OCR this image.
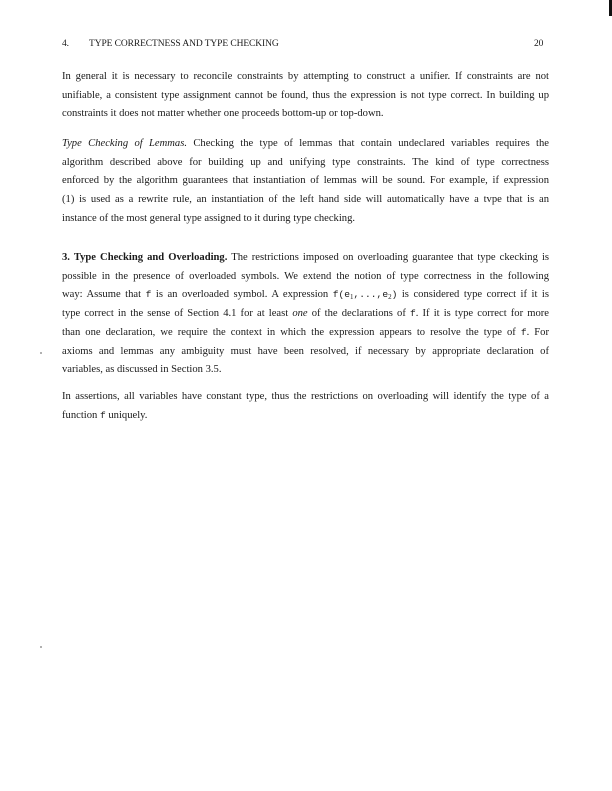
4. TYPE CORRECTNESS AND TYPE CHECKING	20
In general it is necessary to reconcile constraints by attempting to construct a unifier. If constraints are not
unifiable, a consistent type assignment cannot be found, thus the expression is not type correct. In building up
constraints it does not matter whether one proceeds bottom-up or top-down.
Type Checking of Lemmas. Checking the type of lemmas that contain undeclared variables requires the
algorithm described above for building up and unifying type constraints. The kind of type correctness
enforced by the algorithm guarantees that instantiation of lemmas will be sound. For example, if expression
(1) is used as a rewrite rule, an instantiation of the left hand side will automatically have a tvpe that is an
instance of the most general type assigned to it during type checking.
3. Type Checking and Overloading. The restrictions imposed on overloading guarantee that type ckecking is
possible in the presence of overloaded symbols. We extend the notion of type correctness in the following
way: Assume that f is an overloaded symbol. A expression $f(e_1,...,e_2)$ is considered type correct if it is
type correct in the sense of Section 4.1 for at least one of the declarations of f. If it is type correct for more
than one declaration, we require the context in which the expression appears to resolve the type of f. For
axioms and lemmas any ambiguity must have been resolved, if necessary by appropriate declaration of
variables, as discussed in Section 3.5.
In assertions, all variables have constant type, thus the restrictions on overloading will identify the type of a
function f uniquely.
